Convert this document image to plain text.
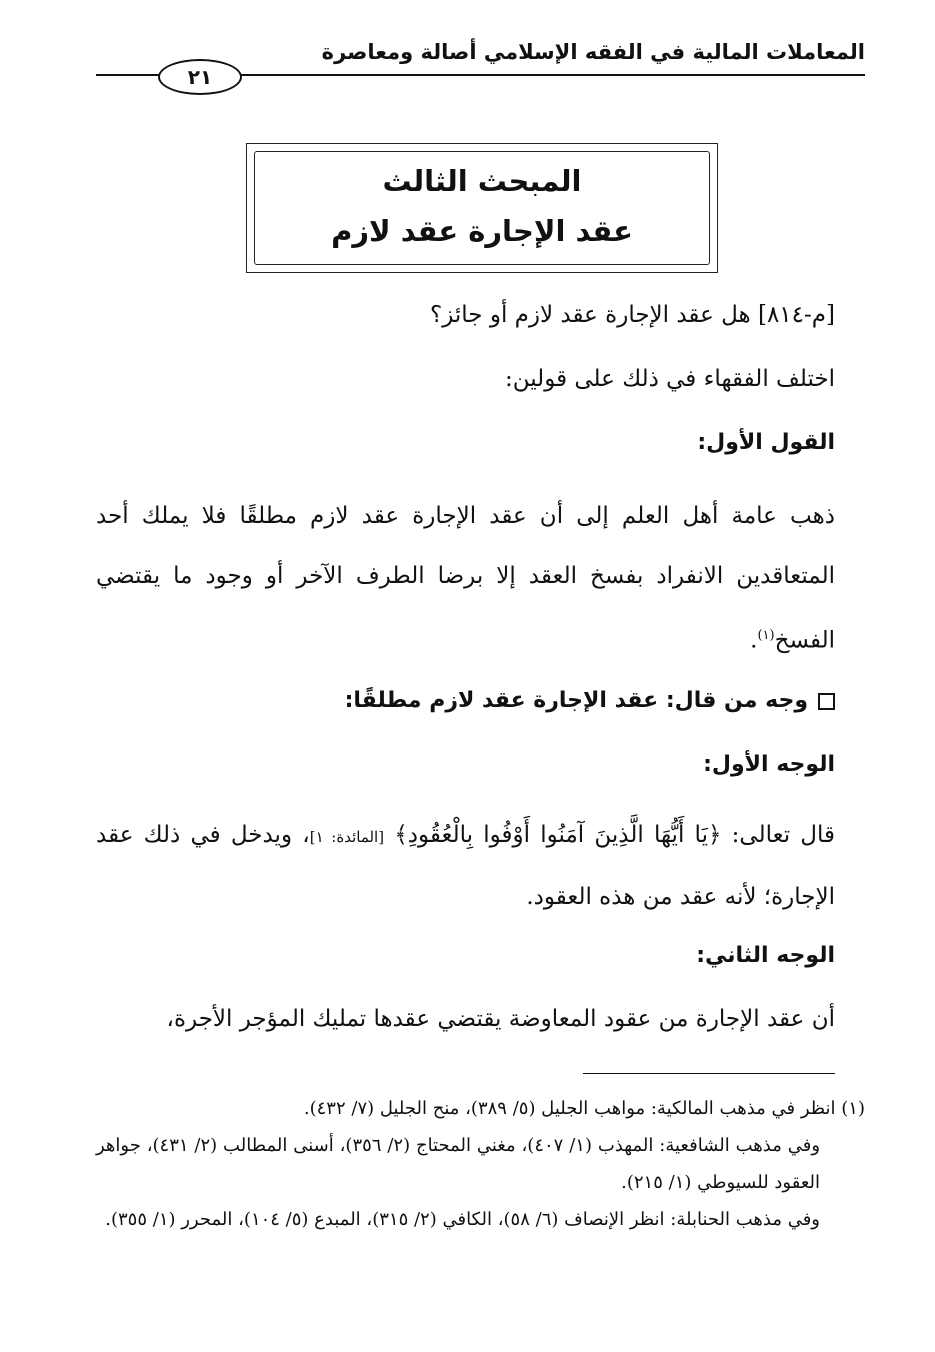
المعاملات المالية في الفقه الإسلامي أصالة ومعاصرة
٢١
المبحث الثالث
عقد الإجارة عقد لازم
[م-٨١٤] هل عقد الإجارة عقد لازم أو جائز؟
اختلف الفقهاء في ذلك على قولين:
القول الأول:
ذهب عامة أهل العلم إلى أن عقد الإجارة عقد لازم مطلقًا فلا يملك أحد المتعاقدين الانفراد بفسخ العقد إلا برضا الطرف الآخر أو وجود ما يقتضي الفسخ$^{(١)}$.
وجه من قال: عقد الإجارة عقد لازم مطلقًا:
الوجه الأول:
قال تعالى: ﴿يَا أَيُّهَا الَّذِينَ آمَنُوا أَوْفُوا بِالْعُقُودِ﴾ [المائدة: ١]، ويدخل في ذلك عقد الإجارة؛ لأنه عقد من هذه العقود.
الوجه الثاني:
أن عقد الإجارة من عقود المعاوضة يقتضي عقدها تمليك المؤجر الأجرة،
(١) انظر في مذهب المالكية: مواهب الجليل (٥/ ٣٨٩)، منح الجليل (٧/ ٤٣٢).
وفي مذهب الشافعية: المهذب (١/ ٤٠٧)، مغني المحتاج (٢/ ٣٥٦)، أسنى المطالب (٢/ ٤٣١)، جواهر العقود للسيوطي (١/ ٢١٥).
وفي مذهب الحنابلة: انظر الإنصاف (٦/ ٥٨)، الكافي (٢/ ٣١٥)، المبدع (٥/ ١٠٤)، المحرر (١/ ٣٥٥).
